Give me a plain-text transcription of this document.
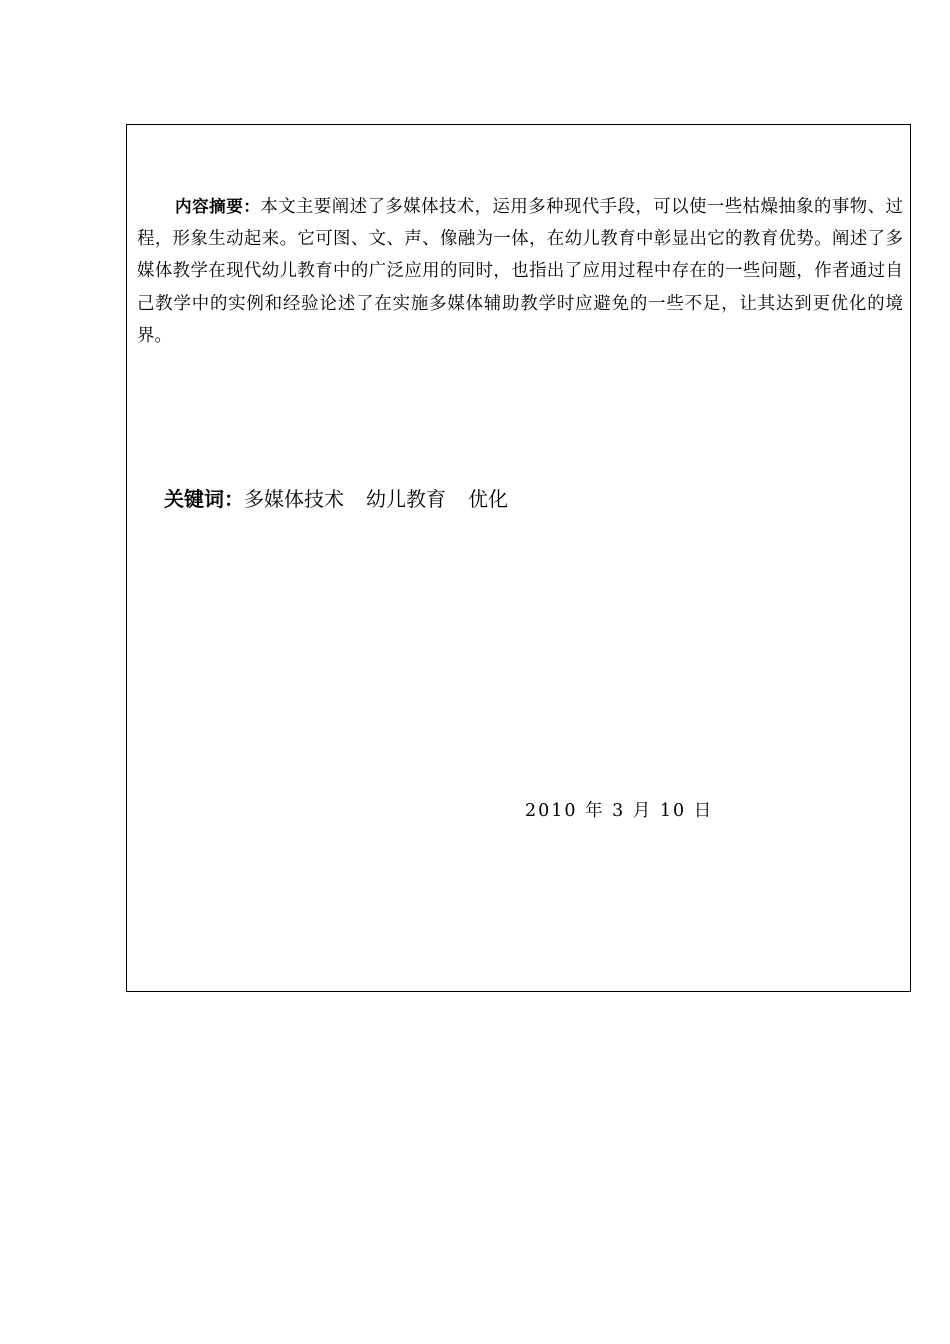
内容摘要：本文主要阐述了多媒体技术，运用多种现代手段，可以使一些枯燥抽象的事物、过程，形象生动起来。它可图、文、声、像融为一体，在幼儿教育中彰显出它的教育优势。阐述了多媒体教学在现代幼儿教育中的广泛应用的同时，也指出了应用过程中存在的一些问题，作者通过自己教学中的实例和经验论述了在实施多媒体辅助教学时应避免的一些不足，让其达到更优化的境界。

关键词：多媒体技术 幼儿教育 优化

2010 年 3 月 10 日
